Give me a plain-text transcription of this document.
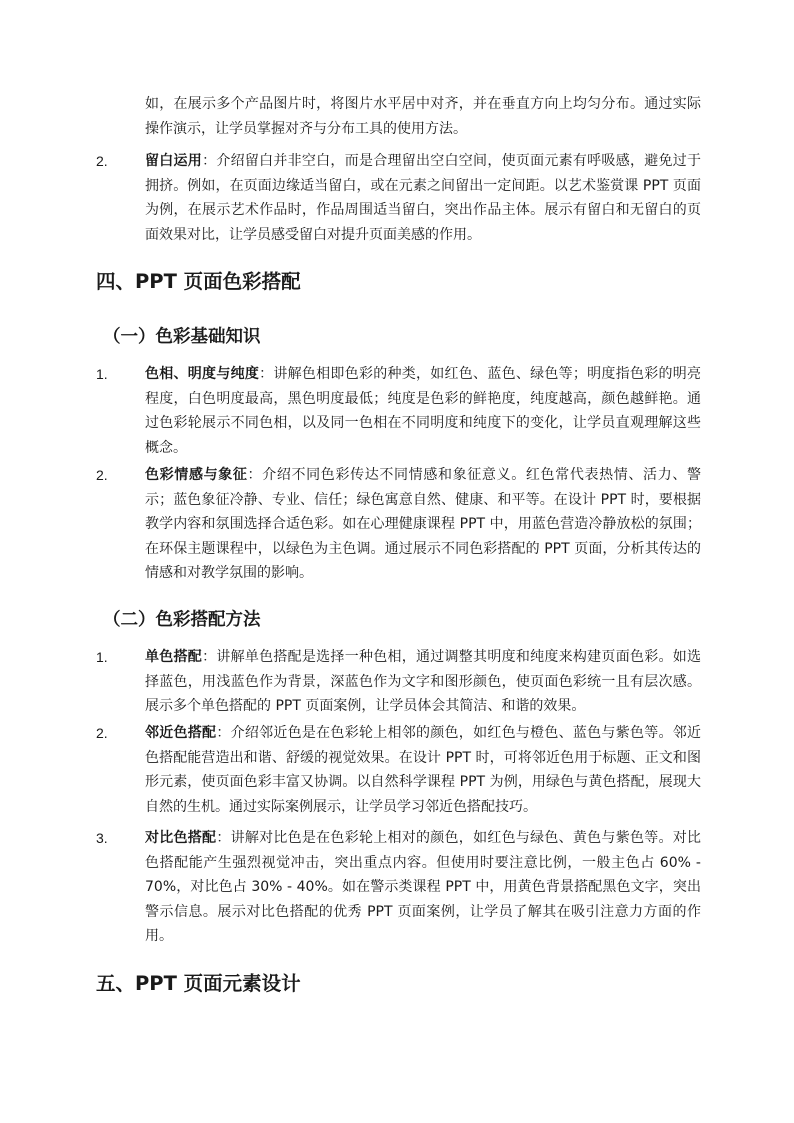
如，在展示多个产品图片时，将图片水平居中对齐，并在垂直方向上均匀分布。通过实际操作演示，让学员掌握对齐与分布工具的使用方法。

2.	留白运用：介绍留白并非空白，而是合理留出空白空间，使页面元素有呼吸感，避免过于拥挤。例如，在页面边缘适当留白，或在元素之间留出一定间距。以艺术鉴赏课 PPT 页面为例，在展示艺术作品时，作品周围适当留白，突出作品主体。展示有留白和无留白的页面效果对比，让学员感受留白对提升页面美感的作用。

四、PPT 页面色彩搭配
（一）色彩基础知识
1.	色相、明度与纯度：讲解色相即色彩的种类，如红色、蓝色、绿色等；明度指色彩的明亮程度，白色明度最高，黑色明度最低；纯度是色彩的鲜艳度，纯度越高，颜色越鲜艳。通过色彩轮展示不同色相，以及同一色相在不同明度和纯度下的变化，让学员直观理解这些概念。

2.	色彩情感与象征：介绍不同色彩传达不同情感和象征意义。红色常代表热情、活力、警示；蓝色象征冷静、专业、信任；绿色寓意自然、健康、和平等。在设计 PPT 时，要根据教学内容和氛围选择合适色彩。如在心理健康课程 PPT 中，用蓝色营造冷静放松的氛围；在环保主题课程中，以绿色为主色调。通过展示不同色彩搭配的 PPT 页面，分析其传达的情感和对教学氛围的影响。

（二）色彩搭配方法
1.	单色搭配：讲解单色搭配是选择一种色相，通过调整其明度和纯度来构建页面色彩。如选择蓝色，用浅蓝色作为背景，深蓝色作为文字和图形颜色，使页面色彩统一且有层次感。展示多个单色搭配的 PPT 页面案例，让学员体会其简洁、和谐的效果。

2.	邻近色搭配：介绍邻近色是在色彩轮上相邻的颜色，如红色与橙色、蓝色与紫色等。邻近色搭配能营造出和谐、舒缓的视觉效果。在设计 PPT 时，可将邻近色用于标题、正文和图形元素，使页面色彩丰富又协调。以自然科学课程 PPT 为例，用绿色与黄色搭配，展现大自然的生机。通过实际案例展示，让学员学习邻近色搭配技巧。

3.	对比色搭配：讲解对比色是在色彩轮上相对的颜色，如红色与绿色、黄色与紫色等。对比色搭配能产生强烈视觉冲击，突出重点内容。但使用时要注意比例，一般主色占 60% - 70%，对比色占 30% - 40%。如在警示类课程 PPT 中，用黄色背景搭配黑色文字，突出警示信息。展示对比色搭配的优秀 PPT 页面案例，让学员了解其在吸引注意力方面的作用。

五、PPT 页面元素设计
